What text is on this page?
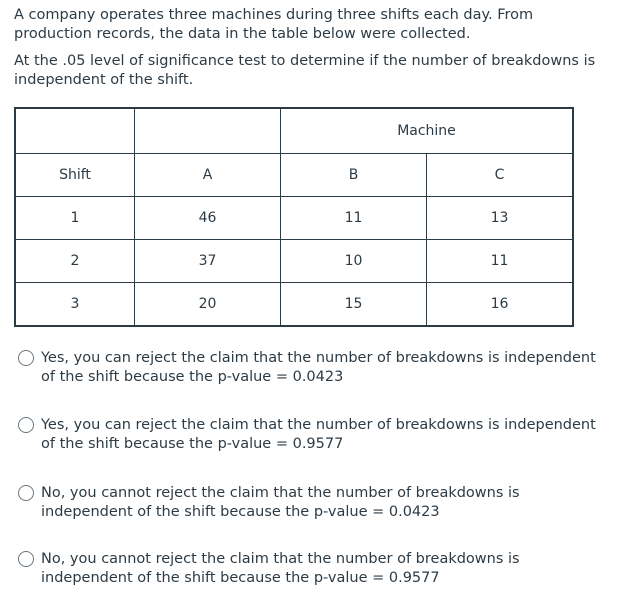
A company operates three machines during three shifts each day. From production records, the data in the table below were collected.
At the .05 level of significance test to determine if the number of breakdowns is independent of the shift.
		Machine	
Shift	A	B	C
1	46	11	13
2	37	10	11
3	20	15	16
Yes, you can reject the claim that the number of breakdowns is independent of the shift because the p-value = 0.0423
Yes, you can reject the claim that the number of breakdowns is independent of the shift because the p-value = 0.9577
No, you cannot reject the claim that the number of breakdowns is independent of the shift because the p-value = 0.0423
No, you cannot reject the claim that the number of breakdowns is independent of the shift because the p-value = 0.9577
